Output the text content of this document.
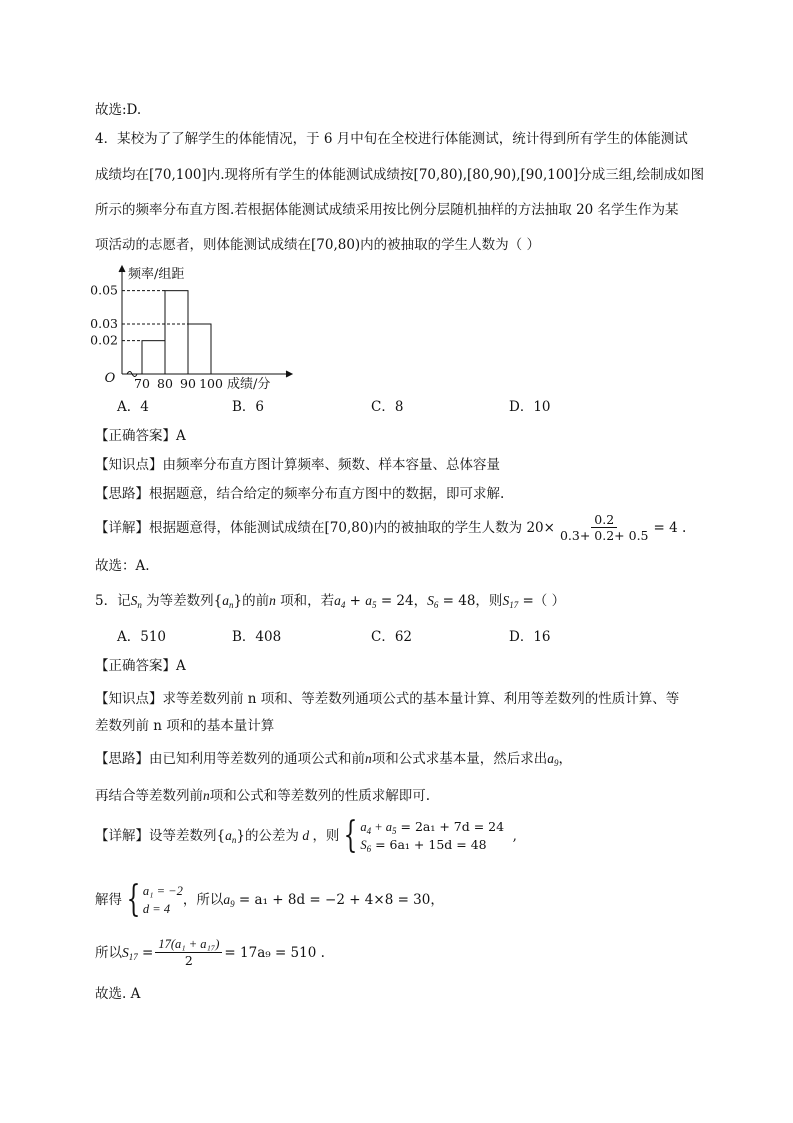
故选:D.
4．某校为了了解学生的体能情况，于 6 月中旬在全校进行体能测试，统计得到所有学生的体能测试
成绩均在[70,100]内.现将所有学生的体能测试成绩按[70,80),[80,90),[90,100]分成三组,绘制成如图
所示的频率分布直方图.若根据体能测试成绩采用按比例分层随机抽样的方法抽取 20 名学生作为某
项活动的志愿者，则体能测试成绩在[70,80)内的被抽取的学生人数为（ ）
0.05
0.03
0.02
70 80 90 100
O
频率/组距
成绩/分
A．4	B．6	C．8	D．10
【正确答案】A
【知识点】由频率分布直方图计算频率、频数、样本容量、总体容量
【思路】根据题意，结合给定的频率分布直方图中的数据，即可求解.
【详解】根据题意得，体能测试成绩在[70,80)内的被抽取的学生人数为 $20\times \frac{0.2}{0.3+ 0.2+ 0.5} = 4$ .
故选：A.
5．记$S_n$ 为等差数列$\{a_n\}$的前n 项和，若$a_4 + a_5 = 24$，$S_6 = 48$，则$S_{17}$ =（ ）
A．510	B．408	C．62	D．16
【正确答案】A
【知识点】求等差数列前 n 项和、等差数列通项公式的基本量计算、利用等差数列的性质计算、等
差数列前 n 项和的基本量计算
【思路】由已知利用等差数列的通项公式和前n项和公式求基本量，然后求出$a_9$，
再结合等差数列前n项和公式和等差数列的性质求解即可.
【详解】设等差数列 { $a_n$ } 的公差为 d ，则 { $a_4 + a_5 = 2a_1 + 7d = 24$
$S_6 = 6a_1 + 15d = 48$
,
解得 { a₁ = −2
d = 4
，所以 $a_9$
= a₁ + 8d = −2 + 4×8 = 30，
所以 $S_{17} = \frac{\text{17(a₁ + a₁₇)}}{2} = 17a_9 = 510$ .
故选. A
